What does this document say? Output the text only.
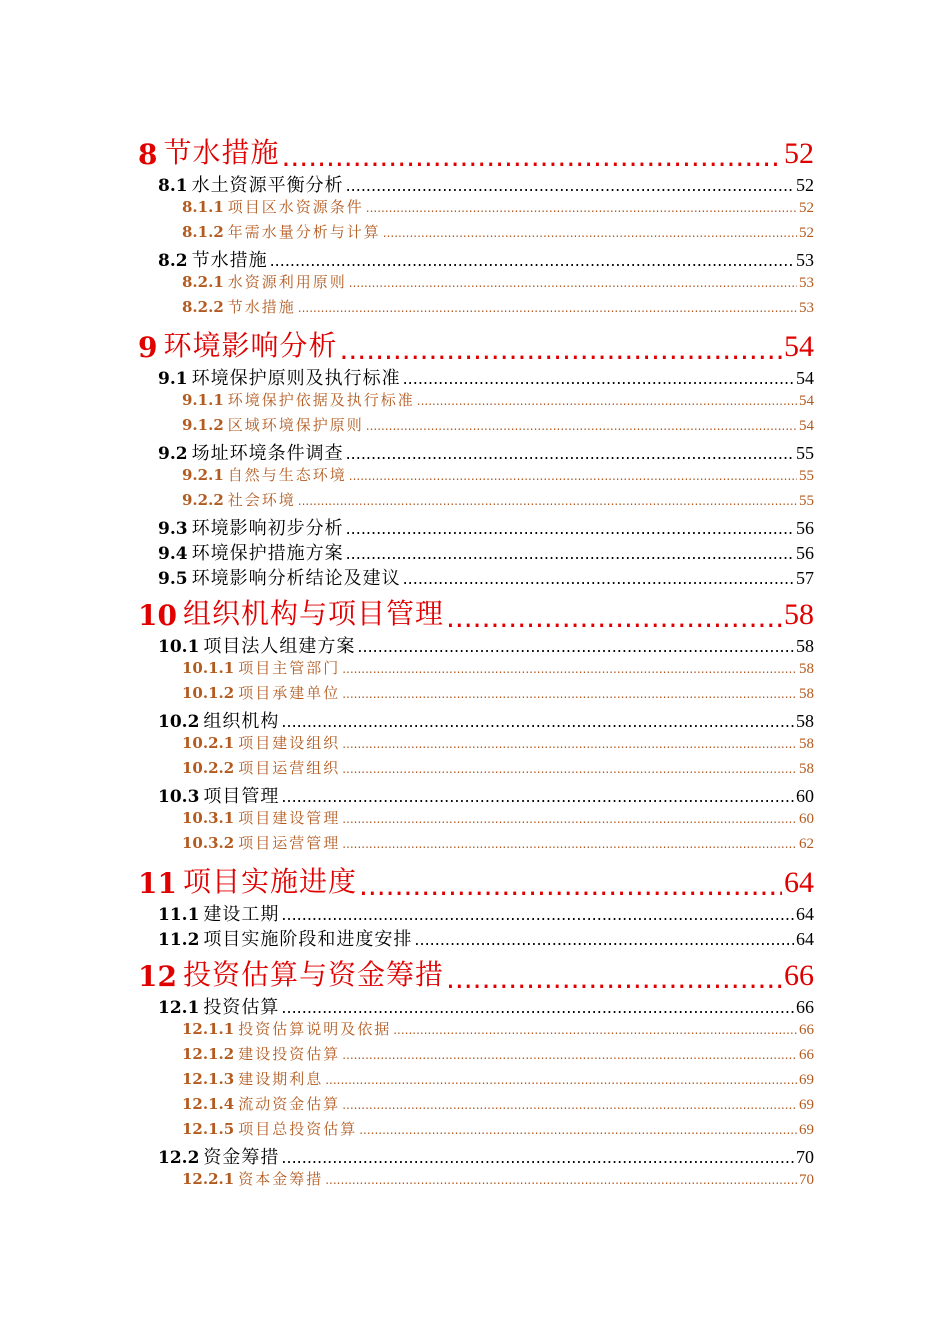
8 节水措施 .....	52
8.1 水土资源平衡分析 .....	52
8.1.1 项目区水资源条件 .....	52
8.1.2 年需水量分析与计算 .....	52
8.2 节水措施 .....	53
8.2.1 水资源利用原则 .....	53
8.2.2 节水措施 .....	53
9 环境影响分析 .....	54
9.1 环境保护原则及执行标准 .....	54
9.1.1 环境保护依据及执行标准 .....	54
9.1.2 区域环境保护原则 .....	54
9.2 场址环境条件调查 .....	55
9.2.1 自然与生态环境 .....	55
9.2.2 社会环境 .....	55
9.3 环境影响初步分析 .....	56
9.4 环境保护措施方案 .....	56
9.5 环境影响分析结论及建议 .....	57
10 组织机构与项目管理 .....	58
10.1 项目法人组建方案 .....	58
10.1.1 项目主管部门 .....	58
10.1.2 项目承建单位 .....	58
10.2 组织机构 .....	58
10.2.1 项目建设组织 .....	58
10.2.2 项目运营组织 .....	58
10.3 项目管理 .....	60
10.3.1 项目建设管理 .....	60
10.3.2 项目运营管理 .....	62
11 项目实施进度 .....	64
11.1 建设工期 .....	64
11.2 项目实施阶段和进度安排 .....	64
12 投资估算与资金筹措 .....	66
12.1 投资估算 .....	66
12.1.1 投资估算说明及依据 .....	66
12.1.2 建设投资估算 .....	66
12.1.3 建设期利息 .....	69
12.1.4 流动资金估算 .....	69
12.1.5 项目总投资估算 .....	69
12.2 资金筹措 .....	70
12.2.1 资本金筹措 .....	70
